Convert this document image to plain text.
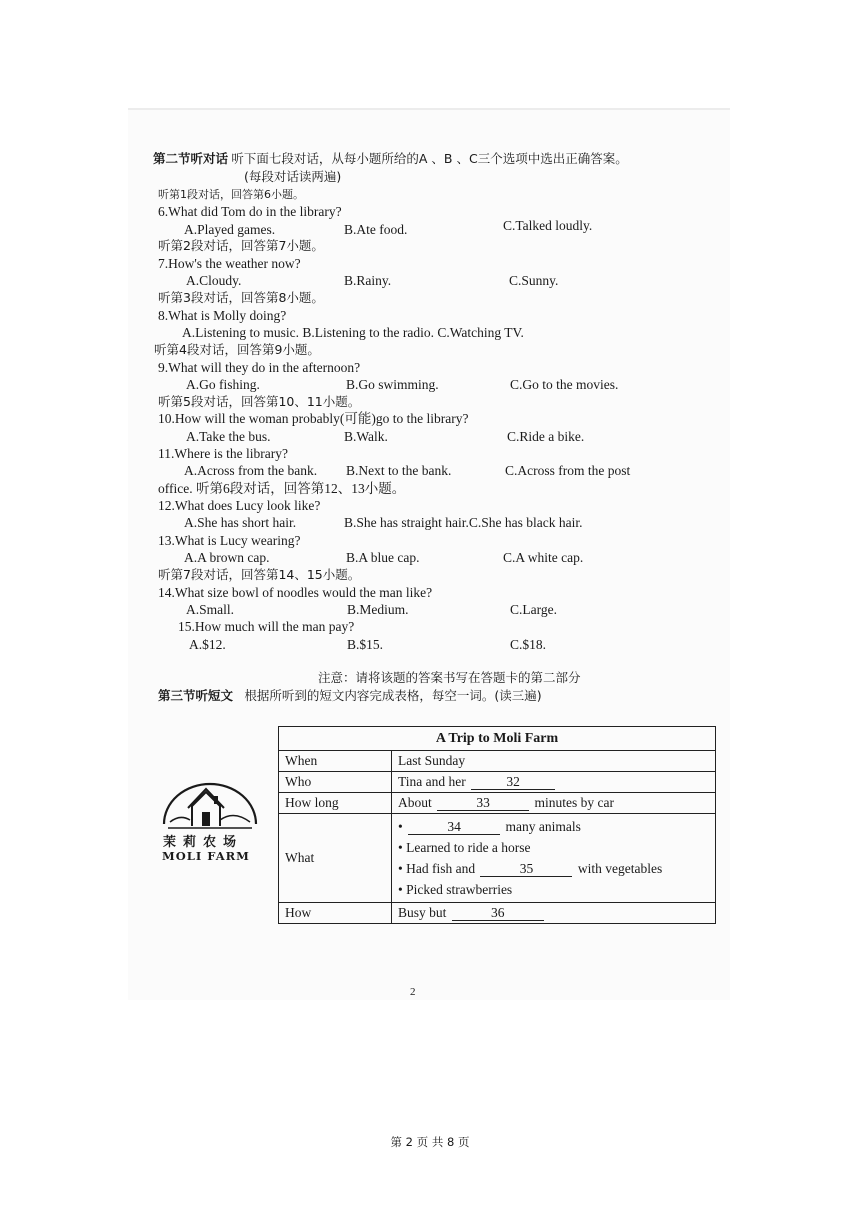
第二节听对话 听下面七段对话，从每小题所给的A 、B 、C三个选项中选出正确答案。
(每段对话读两遍)
听第1段对话，回答第6小题。
6.What did Tom do in the library?
A.Played games.	B.Ate food.	C.Talked loudly.
听第2段对话，回答第7小题。
7.How's the weather now?
A.Cloudy.	B.Rainy.	C.Sunny.
听第3段对话，回答第8小题。
8.What is Molly doing?
A.Listening to music. B.Listening to the radio. C.Watching TV.
听第4段对话，回答第9小题。
9.What will they do in the afternoon?
A.Go fishing.	B.Go swimming.	C.Go to the movies.
听第5段对话，回答第10、11小题。
10.How will the woman probably(可能)go to the library?
A.Take the bus.	B.Walk.	C.Ride a bike.
11.Where is the library?
A.Across from the bank. B.Next to the bank.	C.Across from the post
office. 听第6段对话，回答第12、13小题。
12.What does Lucy look like?
A.She has short hair.	B.She has straight hair.C.She has black hair.
13.What is Lucy wearing?
A.A brown cap.	B.A blue cap.	C.A white cap.
听第7段对话，回答第14、15小题。
14.What size bowl of noodles would the man like?
A.Small.	B.Medium.	C.Large.
15.How much will the man pay?
A.$12.	B.$15.	C.$18.
注意：请将该题的答案书写在答题卡的第二部分
第三节听短文 根据所听到的短文内容完成表格，每空一词。(读三遍)
茉莉农场
MOLI FARM
A Trip to Moli Farm	
When	Last Sunday
Who	Tina and her 32
How long	About 33 minutes by car
What	• 34 many animals
• Learned to ride a horse
• Had fish and 35 with vegetables
• Picked strawberries

How	Busy but 36
2
第 2 页 共 8 页
